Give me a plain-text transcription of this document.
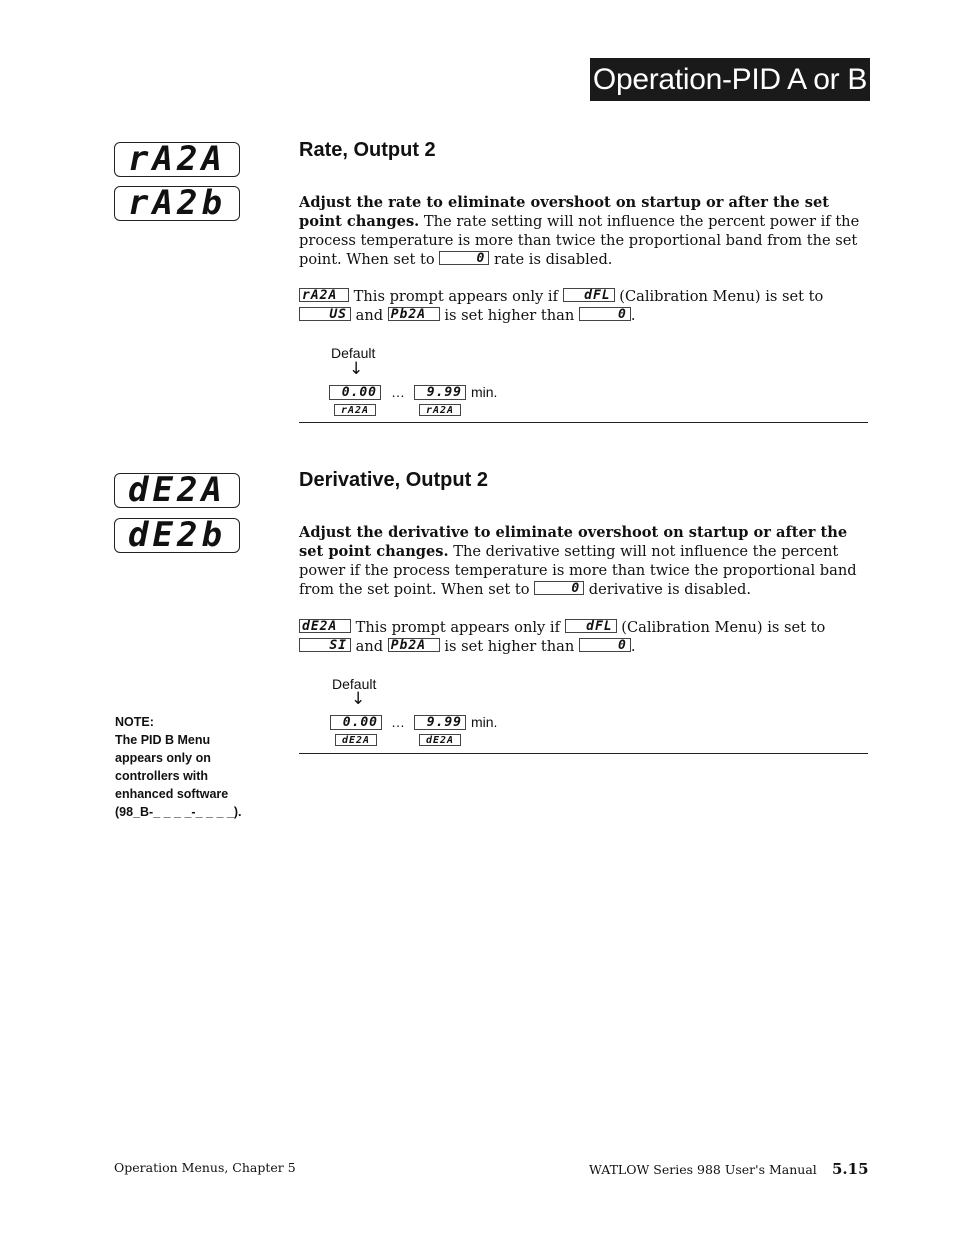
Operation-PID A or B
rA2A
rA2b
Rate, Output 2
Adjust the rate to eliminate overshoot on startup or after the set point changes. The rate setting will not influence the percent power if the process temperature is more than twice the proportional band from the set point. When set to	0 rate is disabled.
rA2A This prompt appears only if dFL (Calibration Menu) is set to
US and Pb2A is set higher than	0 .
Default
↓
0.00 …	9.99 min.
rA2A	rA2A
dE2A
dE2b
Derivative, Output 2
Adjust the derivative to eliminate overshoot on startup or after the set point changes. The derivative setting will not influence the percent power if the process temperature is more than twice the proportional band from the set point. When set to	0 derivative is disabled.
dE2A This prompt appears only if dFL (Calibration Menu) is set to
SI and Pb2A is set higher than	0 .
Default
↓
0.00 …	9.99 min.
dE2A	dE2A
NOTE:
The PID B Menu
appears only on
controllers with
enhanced software
(98_B-_ _ _ _-_ _ _ _).
Operation Menus, Chapter 5	WATLOW Series 988 User's Manual 5.15
